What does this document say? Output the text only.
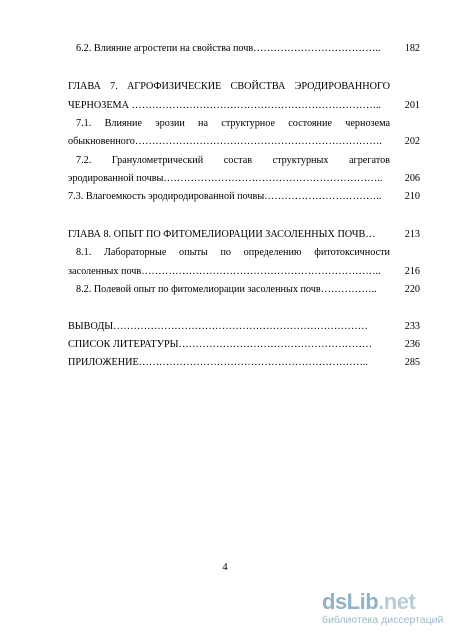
6.2. Влияние агростепи на свойства почв………………………………..	182
ГЛАВА 7. АГРОФИЗИЧЕСКИЕ СВОЙСТВА ЭРОДИРОВАННОГО
ЧЕРНОЗЕМА ………………………………………………………………..	201
7.1. Влияние эрозии на структурное состояние чернозема
обыкновенного……………………………………………………………….	202
7.2. Гранулометрический состав структурных агрегатов
эродированной почвы………………………………………………………..	206
7.3. Влагоемкость эродиродированной почвы……………………………..	210
ГЛАВА 8. ОПЫТ ПО ФИТОМЕЛИОРАЦИИ ЗАСОЛЕННЫХ ПОЧВ…	213
8.1. Лабораторные опыты по определению фитотоксичности
засоленных почв……………………………………………………………..	216
8.2. Полевой опыт по фитомелиорации засоленных почв……………..	220
ВЫВОДЫ…………………………………………………………………	233
СПИСОК ЛИТЕРАТУРЫ…………………………………………………	236
ПРИЛОЖЕНИЕ…………………………………………………………..	285
4
dsLib.net
библиотека диссертаций
